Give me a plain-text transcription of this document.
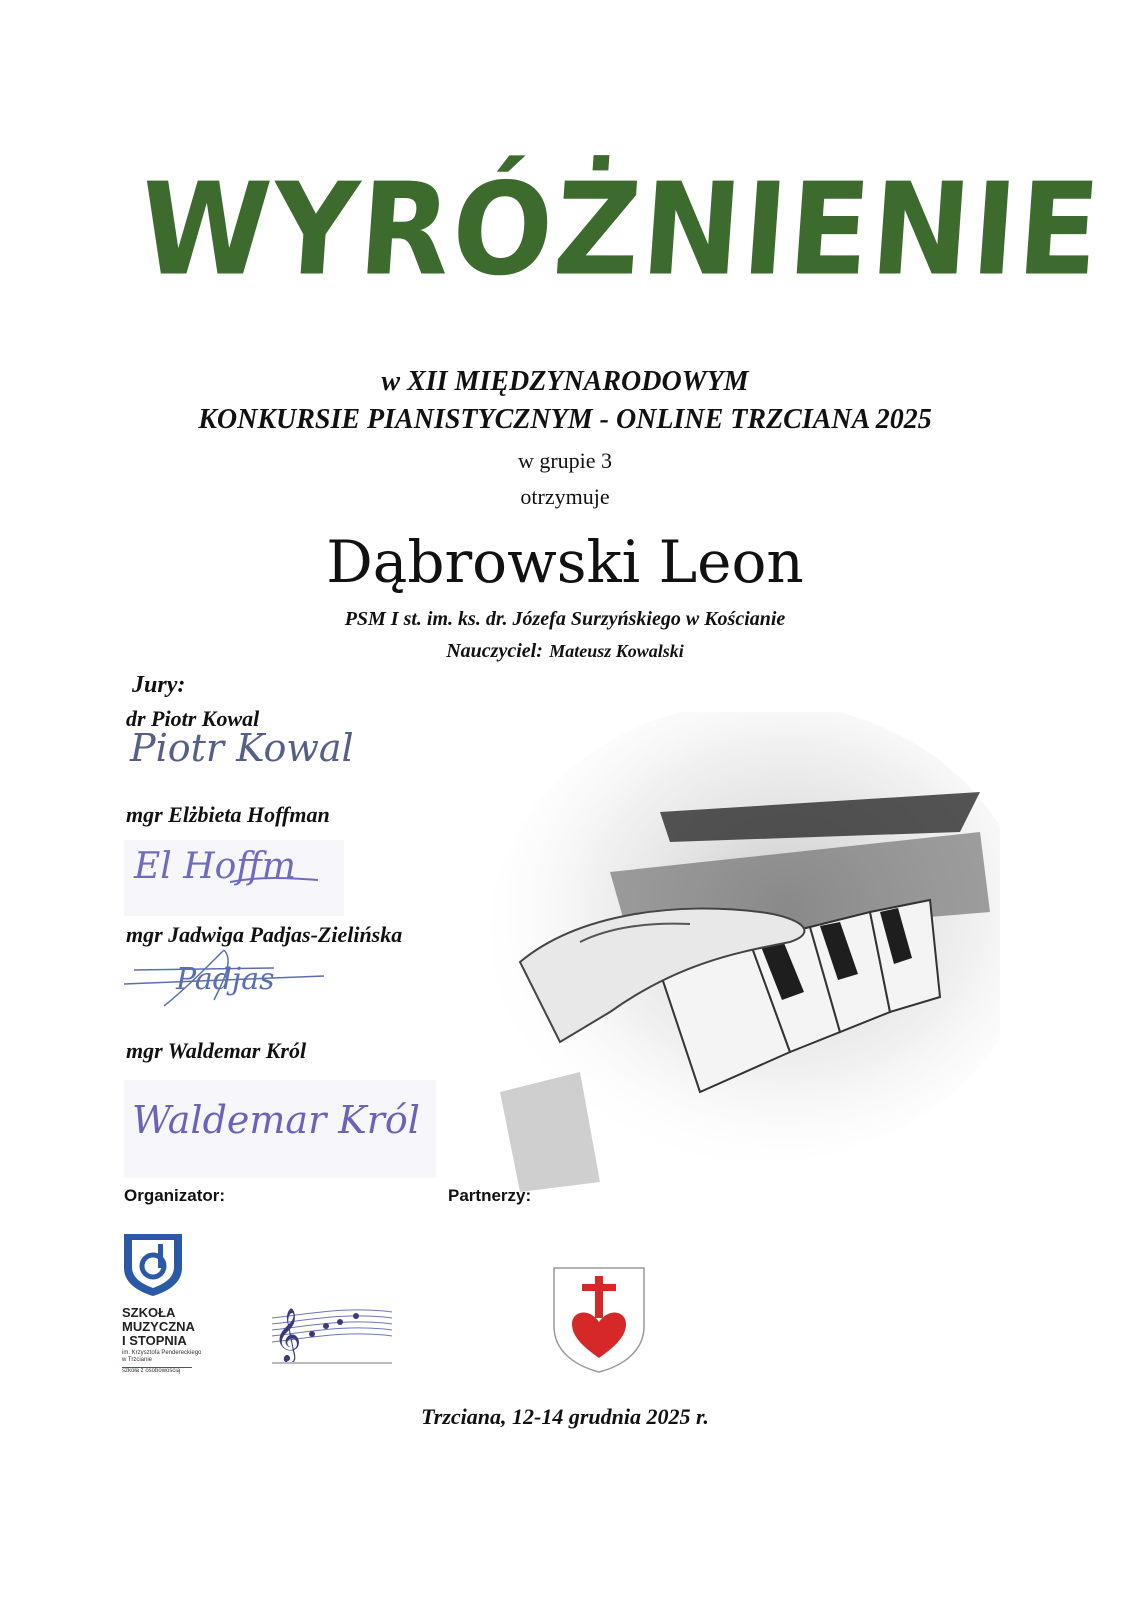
WYRÓŻNIENIE
w XII MIĘDZYNARODOWYM
KONKURSIE PIANISTYCZNYM - ONLINE TRZCIANA 2025
w grupie 3
otrzymuje
Dąbrowski Leon
PSM I st. im. ks. dr. Józefa Surzyńskiego w Kościanie
Nauczyciel: Mateusz Kowalski
Jury:
dr Piotr Kowal
Piotr Kowal
mgr Elżbieta Hoffman
El Hoffm
mgr Jadwiga Padjas-Zielińska
Padjas
mgr Waldemar Król
Waldemar Król
Organizator:	Partnerzy:
SZKOŁA
MUZYCZNA
I STOPNIA
im. Krzysztofa Pendereckiego
w Trzcianie
szkoła z osobowością
𝄞
Trzciana, 12-14 grudnia 2025 r.
